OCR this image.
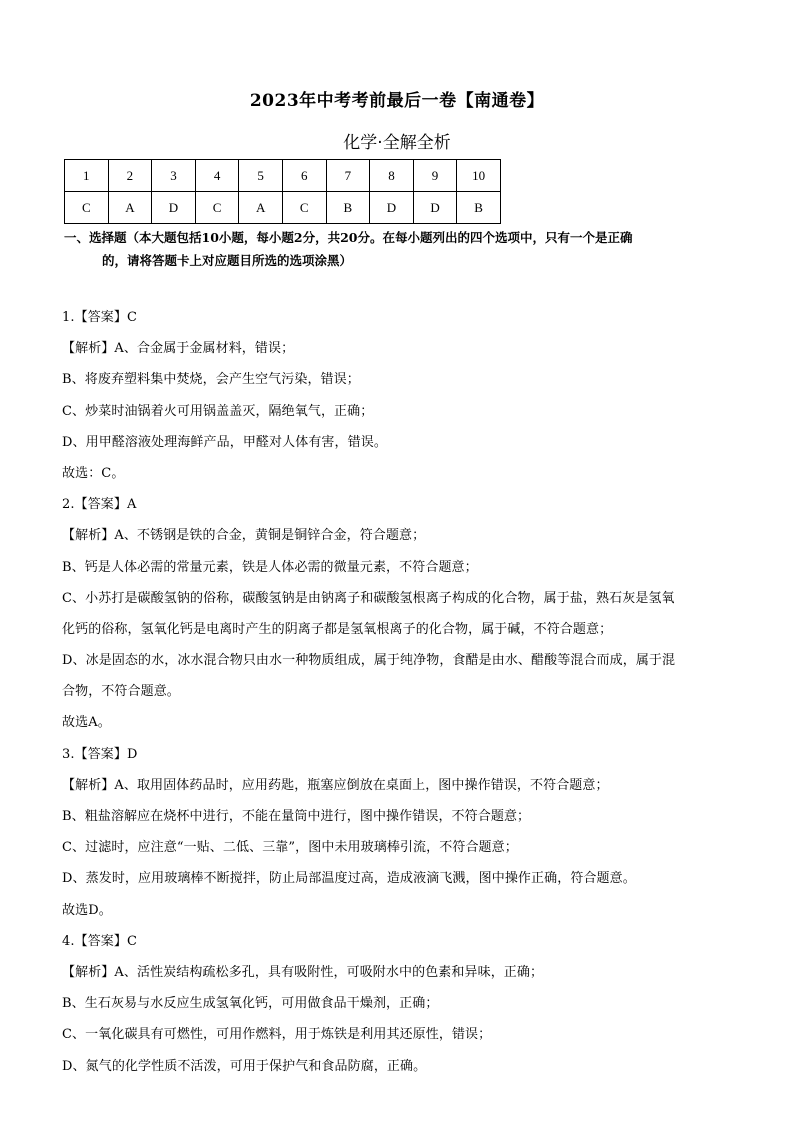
2023年中考考前最后一卷【南通卷】
化学·全解全析
1	2	3	4	5	6	7	8	9	10
C	A	D	C	A	C	B	D	D	B
一、选择题（本大题包括10小题，每小题2分，共20分。在每小题列出的四个选项中，只有一个是正确
的，请将答题卡上对应题目所选的选项涂黑）
1.【答案】C
【解析】A、合金属于金属材料，错误；
B、将废弃塑料集中焚烧，会产生空气污染，错误；
C、炒菜时油锅着火可用锅盖盖灭，隔绝氧气，正确；
D、用甲醛溶液处理海鲜产品，甲醛对人体有害，错误。
故选：C。
2.【答案】A
【解析】A、不锈钢是铁的合金，黄铜是铜锌合金，符合题意；
B、钙是人体必需的常量元素，铁是人体必需的微量元素，不符合题意；
C、小苏打是碳酸氢钠的俗称，碳酸氢钠是由钠离子和碳酸氢根离子构成的化合物，属于盐，熟石灰是氢氧
化钙的俗称，氢氧化钙是电离时产生的阴离子都是氢氧根离子的化合物，属于碱，不符合题意；
D、冰是固态的水，冰水混合物只由水一种物质组成，属于纯净物，食醋是由水、醋酸等混合而成，属于混
合物，不符合题意。
故选A。
3.【答案】D
【解析】A、取用固体药品时，应用药匙，瓶塞应倒放在桌面上，图中操作错误，不符合题意；
B、粗盐溶解应在烧杯中进行，不能在量筒中进行，图中操作错误，不符合题意；
C、过滤时，应注意“一贴、二低、三靠”，图中未用玻璃棒引流，不符合题意；
D、蒸发时，应用玻璃棒不断搅拌，防止局部温度过高，造成液滴飞溅，图中操作正确，符合题意。
故选D。
4.【答案】C
【解析】A、活性炭结构疏松多孔，具有吸附性，可吸附水中的色素和异味，正确；
B、生石灰易与水反应生成氢氧化钙，可用做食品干燥剂，正确；
C、一氧化碳具有可燃性，可用作燃料，用于炼铁是利用其还原性，错误；
D、氮气的化学性质不活泼，可用于保护气和食品防腐，正确。
